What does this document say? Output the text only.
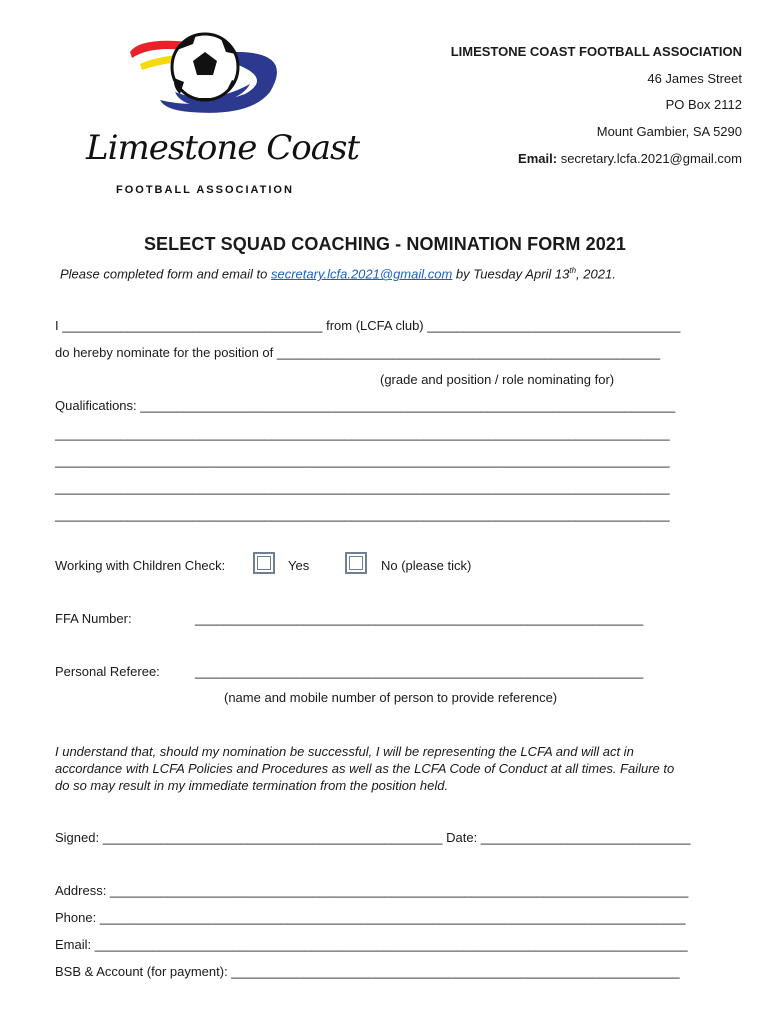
Limestone Coast
FOOTBALL ASSOCIATION
LIMESTONE COAST FOOTBALL ASSOCIATION
46 James Street
PO Box 2112
Mount Gambier, SA 5290
Email: secretary.lcfa.2021@gmail.com
SELECT SQUAD COACHING - NOMINATION FORM 2021
Please completed form and email to secretary.lcfa.2021@gmail.com by Tuesday April 13th, 2021.
I ____________________________________ from (LCFA club) ___________________________________
do hereby nominate for the position of _____________________________________________________
(grade and position / role nominating for)
Qualifications: __________________________________________________________________________
_____________________________________________________________________________________
_____________________________________________________________________________________
_____________________________________________________________________________________
_____________________________________________________________________________________
Working with Children Check:	Yes	No (please tick)
FFA Number:	______________________________________________________________
Personal Referee:	______________________________________________________________
(name and mobile number of person to provide reference)
I understand that, should my nomination be successful, I will be representing the LCFA and will act in
accordance with LCFA Policies and Procedures as well as the LCFA Code of Conduct at all times. Failure to
do so may result in my immediate termination from the position held.
Signed: _______________________________________________ Date: _____________________________
Address: ________________________________________________________________________________
Phone: _________________________________________________________________________________
Email: __________________________________________________________________________________
BSB & Account (for payment): ______________________________________________________________
